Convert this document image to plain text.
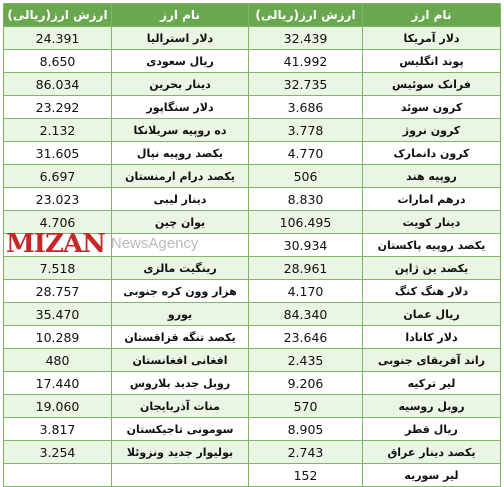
ارزش ارز(ریالی)	نام ارز	ارزش ارز(ریالی)	نام ارز
24.391	دلار استرالیا	32.439	دلار آمریکا
8.650	ریال سعودی	41.992	پوند انگلیس
86.034	دینار بحرین	32.735	فرانک سوئیس
23.292	دلار سنگاپور	3.686	کرون سوئد
2.132	ده روپیه سریلانکا	3.778	کرون نروژ
31.605	یکصد روپیه نپال	4.770	کرون دانمارک
6.697	یکصد درام ارمنستان	506	روپیه هند
23.023	دینار لیبی	8.830	درهم امارات
4.706	یوان چین	106.495	دینار کویت
		30.934	یکصد روپیه پاکستان
7.518	رینگیت مالزی	28.961	یکصد ین ژاپن
28.757	هزار وون کره جنوبی	4.170	دلار هنگ کنگ
35.470	یورو	84.340	ریال عمان
10.289	یکصد تنگه قزاقستان	23.646	دلار کانادا
480	افغانی افغانستان	2.435	راند آفریقای جنوبی
17.440	روبل جدید بلاروس	9.206	لیر ترکیه
19.060	منات آذربایجان	570	روبل روسیه
3.817	سومونی تاجیکستان	8.905	ریال قطر
3.254	بولیوار جدید ونزوئلا	2.743	یکصد دینار عراق
		152	لیر سوریه
MIZAN NewsAgency
